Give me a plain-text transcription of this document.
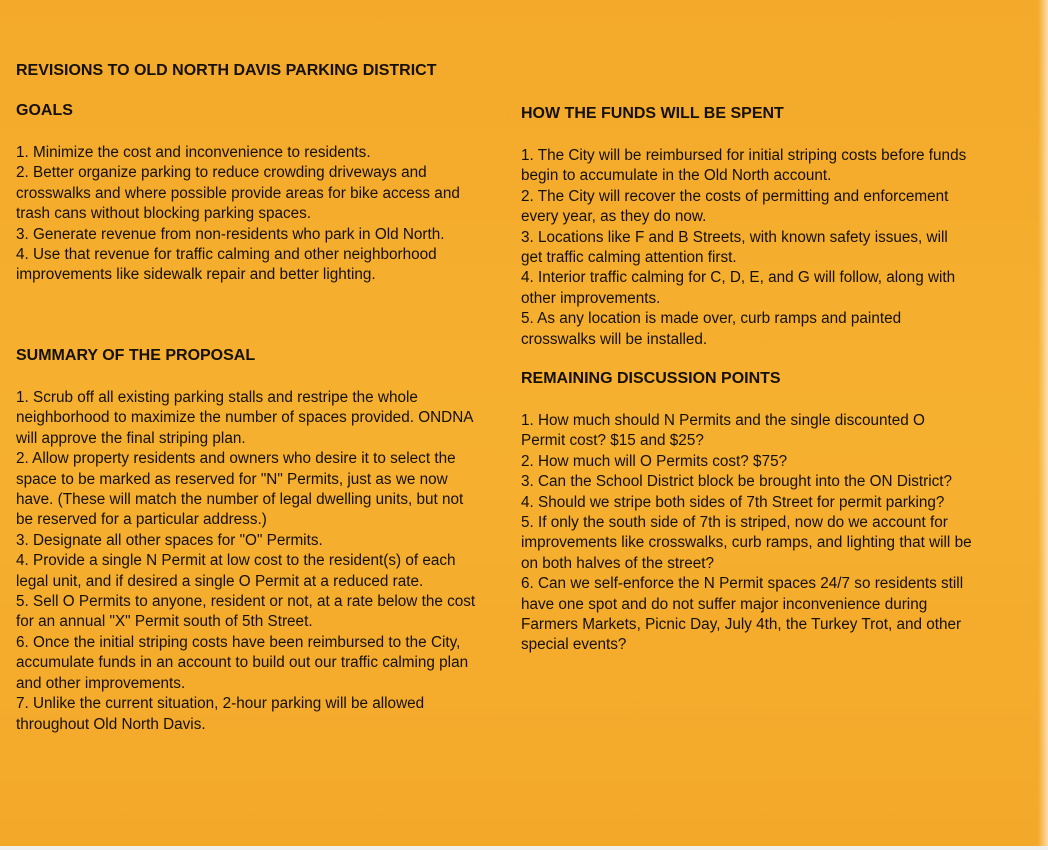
REVISIONS TO OLD NORTH DAVIS PARKING DISTRICT
GOALS
1. Minimize the cost and inconvenience to residents.
2. Better organize parking to reduce crowding driveways and crosswalks and where possible provide areas for bike access and trash cans without blocking parking spaces.
3. Generate revenue from non-residents who park in Old North.
4. Use that revenue for traffic calming and other neighborhood improvements like sidewalk repair and better lighting.
SUMMARY OF THE PROPOSAL
1. Scrub off all existing parking stalls and restripe the whole neighborhood to maximize the number of spaces provided. ONDNA will approve the final striping plan.
2. Allow property residents and owners who desire it to select the space to be marked as reserved for "N" Permits, just as we now have. (These will match the number of legal dwelling units, but not be reserved for a particular address.)
3. Designate all other spaces for "O" Permits.
4. Provide a single N Permit at low cost to the resident(s) of each legal unit, and if desired a single O Permit at a reduced rate.
5. Sell O Permits to anyone, resident or not, at a rate below the cost for an annual "X" Permit south of 5th Street.
6. Once the initial striping costs have been reimbursed to the City, accumulate funds in an account to build out our traffic calming plan and other improvements.
7. Unlike the current situation, 2-hour parking will be allowed throughout Old North Davis.
HOW THE FUNDS WILL BE SPENT
1. The City will be reimbursed for initial striping costs before funds begin to accumulate in the Old North account.
2. The City will recover the costs of permitting and enforcement every year, as they do now.
3. Locations like F and B Streets, with known safety issues, will get traffic calming attention first.
4. Interior traffic calming for C, D, E, and G will follow, along with other improvements.
5. As any location is made over, curb ramps and painted crosswalks will be installed.
REMAINING DISCUSSION POINTS
1. How much should N Permits and the single discounted O Permit cost? $15 and $25?
2. How much will O Permits cost? $75?
3. Can the School District block be brought into the ON District?
4. Should we stripe both sides of 7th Street for permit parking?
5. If only the south side of 7th is striped, now do we account for improvements like crosswalks, curb ramps, and lighting that will be on both halves of the street?
6. Can we self-enforce the N Permit spaces 24/7 so residents still have one spot and do not suffer major inconvenience during Farmers Markets, Picnic Day, July 4th, the Turkey Trot, and other special events?
